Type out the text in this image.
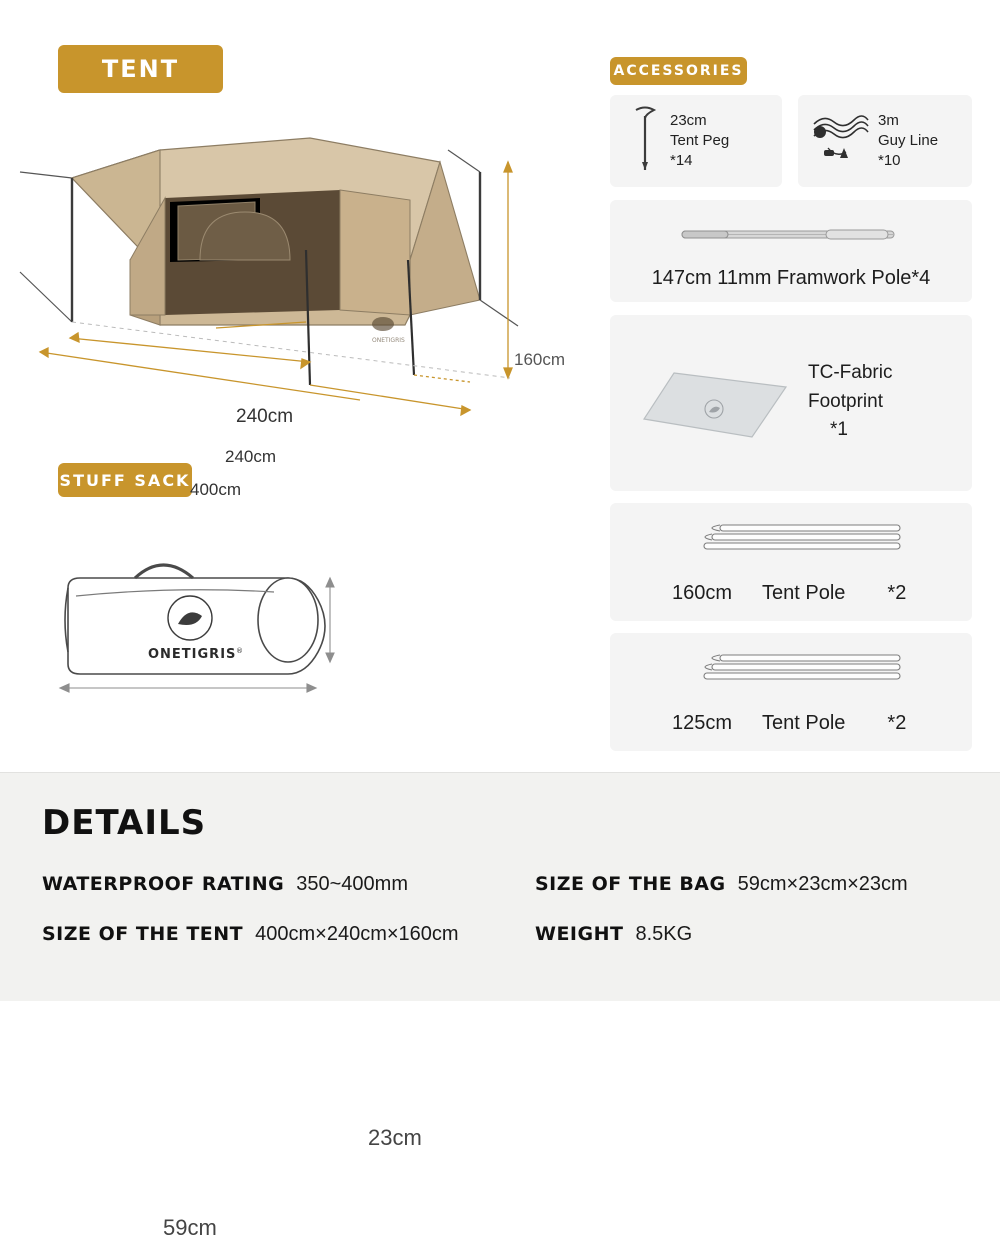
TENT
STUFF SACK
ACCESSORIES
ONETIGRIS
160cm
240cm
240cm
400cm
ONETIGRIS ®
23cm
59cm
23cm
Tent Peg
*14
3m
Guy Line
*10
147cm 11mm Framwork Pole*4
TC-Fabric
Footprint
*1
160cm Tent Pole *2
125cm Tent Pole *2
DETAILS
WATERPROOF RATING 350~400mm
SIZE OF THE TENT 400cm×240cm×160cm
SIZE OF THE BAG 59cm×23cm×23cm
WEIGHT 8.5KG
